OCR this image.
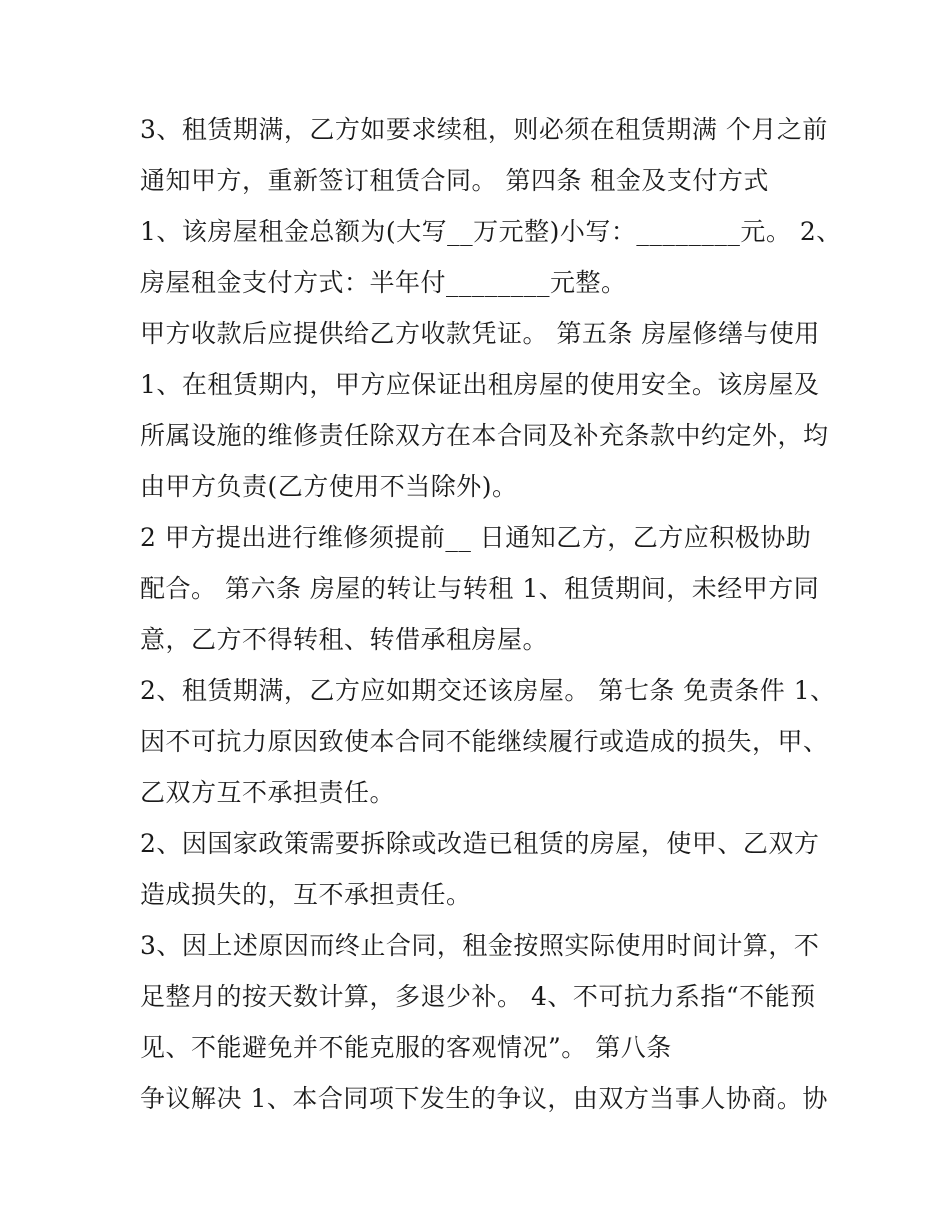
3、租赁期满，乙方如要求续租，则必须在租赁期满 个月之前
通知甲方，重新签订租赁合同。 第四条 租金及支付方式
1、该房屋租金总额为(大写__万元整)小写：________元。 2、
房屋租金支付方式：半年付________元整。
甲方收款后应提供给乙方收款凭证。 第五条 房屋修缮与使用
1、在租赁期内，甲方应保证出租房屋的使用安全。该房屋及
所属设施的维修责任除双方在本合同及补充条款中约定外，均
由甲方负责(乙方使用不当除外)。
2 甲方提出进行维修须提前__ 日通知乙方，乙方应积极协助
配合。 第六条 房屋的转让与转租 1、租赁期间，未经甲方同
意，乙方不得转租、转借承租房屋。
2、租赁期满，乙方应如期交还该房屋。 第七条 免责条件 1、
因不可抗力原因致使本合同不能继续履行或造成的损失，甲、
乙双方互不承担责任。
2、因国家政策需要拆除或改造已租赁的房屋，使甲、乙双方
造成损失的，互不承担责任。
3、因上述原因而终止合同，租金按照实际使用时间计算，不
足整月的按天数计算，多退少补。 4、不可抗力系指“不能预
见、不能避免并不能克服的客观情况”。 第八条
争议解决 1、本合同项下发生的争议，由双方当事人协商。协
